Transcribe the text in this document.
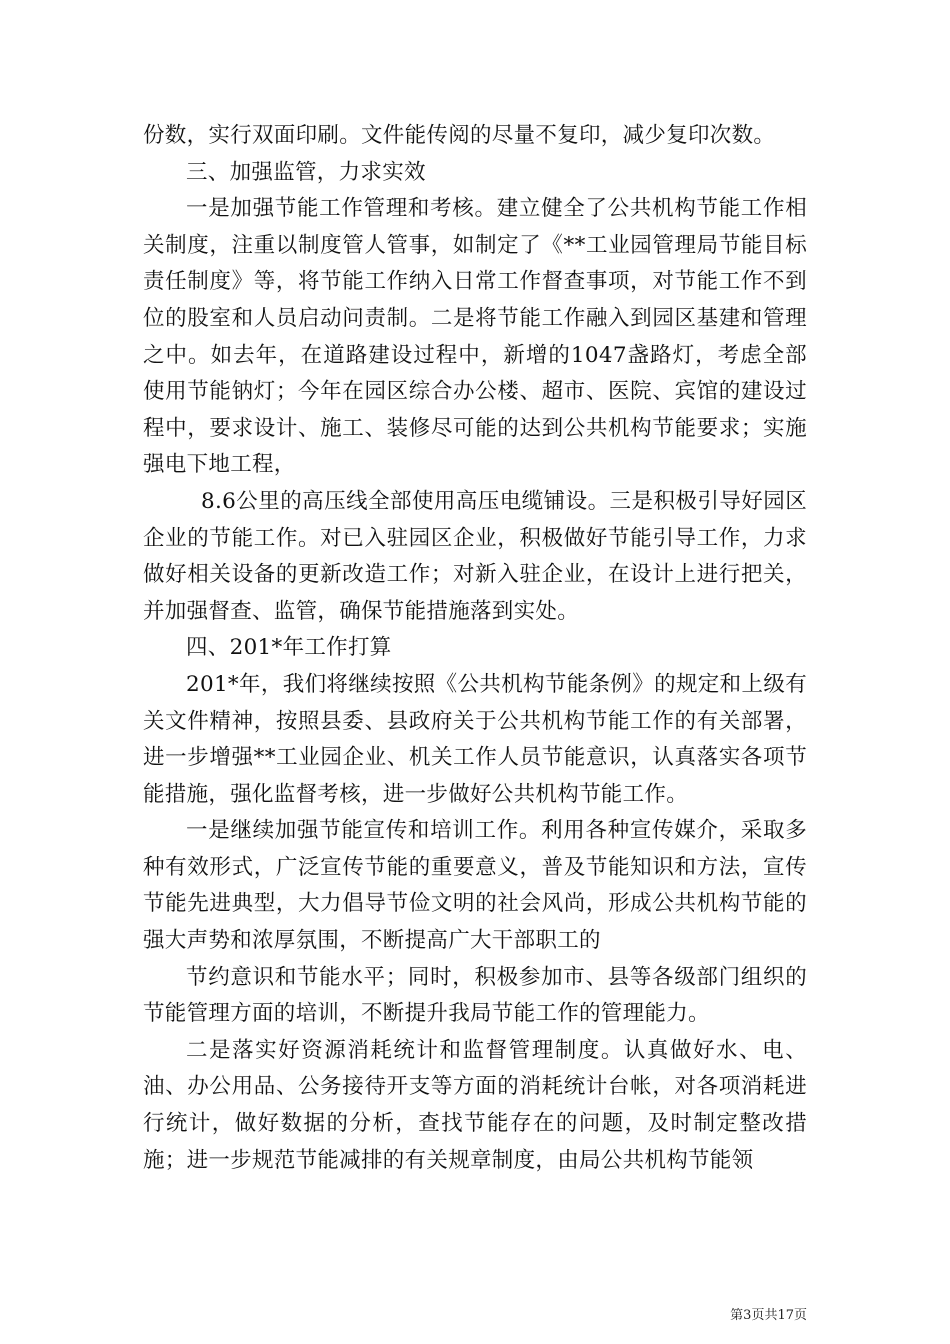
份数，实行双面印刷。文件能传阅的尽量不复印，减少复印次数。

三、加强监管，力求实效

一是加强节能工作管理和考核。建立健全了公共机构节能工作相关制度，注重以制度管人管事，如制定了《**工业园管理局节能目标责任制度》等，将节能工作纳入日常工作督查事项，对节能工作不到位的股室和人员启动问责制。二是将节能工作融入到园区基建和管理之中。如去年，在道路建设过程中，新增的1047盏路灯，考虑全部使用节能钠灯；今年在园区综合办公楼、超市、医院、宾馆的建设过程中，要求设计、施工、装修尽可能的达到公共机构节能要求；实施强电下地工程，

8.6公里的高压线全部使用高压电缆铺设。三是积极引导好园区企业的节能工作。对已入驻园区企业，积极做好节能引导工作，力求做好相关设备的更新改造工作；对新入驻企业，在设计上进行把关，并加强督查、监管，确保节能措施落到实处。

四、201*年工作打算

201*年，我们将继续按照《公共机构节能条例》的规定和上级有关文件精神，按照县委、县政府关于公共机构节能工作的有关部署，进一步增强**工业园企业、机关工作人员节能意识，认真落实各项节能措施，强化监督考核，进一步做好公共机构节能工作。

一是继续加强节能宣传和培训工作。利用各种宣传媒介，采取多种有效形式，广泛宣传节能的重要意义，普及节能知识和方法，宣传节能先进典型，大力倡导节俭文明的社会风尚，形成公共机构节能的强大声势和浓厚氛围，不断提高广大干部职工的

节约意识和节能水平；同时，积极参加市、县等各级部门组织的节能管理方面的培训，不断提升我局节能工作的管理能力。

二是落实好资源消耗统计和监督管理制度。认真做好水、电、油、办公用品、公务接待开支等方面的消耗统计台帐，对各项消耗进行统计，做好数据的分析，查找节能存在的问题，及时制定整改措施；进一步规范节能减排的有关规章制度，由局公共机构节能领

第3页共17页
